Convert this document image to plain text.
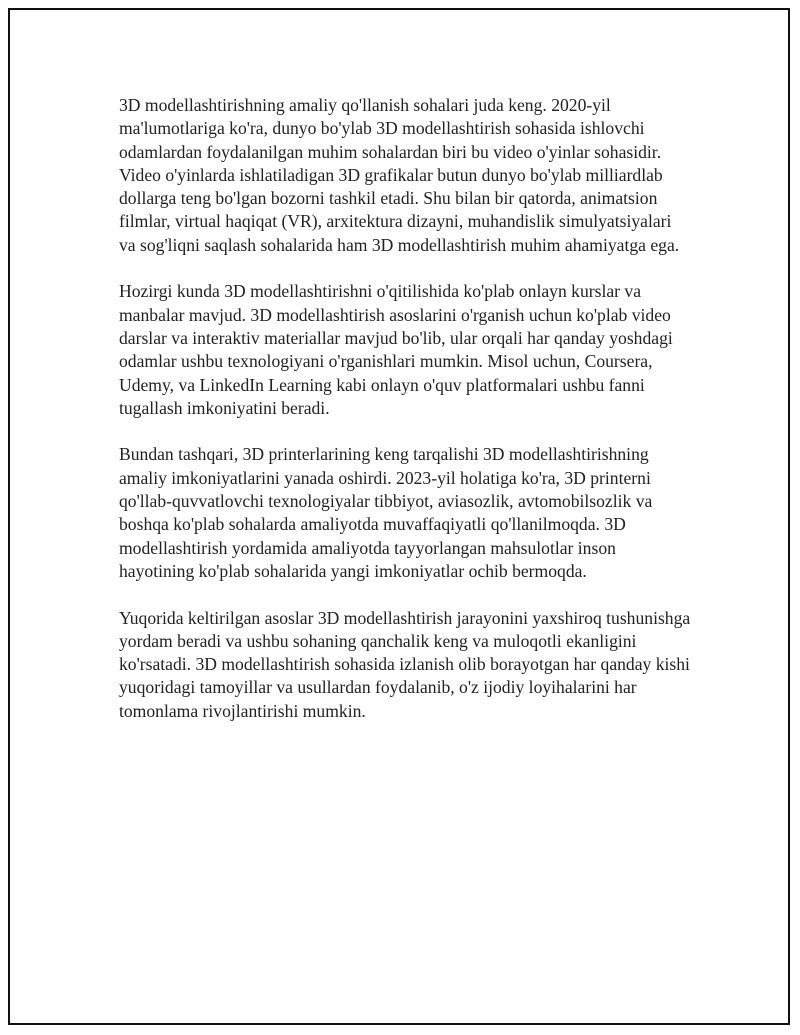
3D modellashtirishning amaliy qo'llanish sohalari juda keng. 2020-yil ma'lumotlariga ko'ra, dunyo bo'ylab 3D modellashtirish sohasida ishlovchi odamlardan foydalanilgan muhim sohalardan biri bu video o'yinlar sohasidir. Video o'yinlarda ishlatiladigan 3D grafikalar butun dunyo bo'ylab milliardlab dollarga teng bo'lgan bozorni tashkil etadi. Shu bilan bir qatorda, animatsion filmlar, virtual haqiqat (VR), arxitektura dizayni, muhandislik simulyatsiyalari va sog'liqni saqlash sohalarida ham 3D modellashtirish muhim ahamiyatga ega.

Hozirgi kunda 3D modellashtirishni o'qitilishida ko'plab onlayn kurslar va manbalar mavjud. 3D modellashtirish asoslarini o'rganish uchun ko'plab video darslar va interaktiv materiallar mavjud bo'lib, ular orqali har qanday yoshdagi odamlar ushbu texnologiyani o'rganishlari mumkin. Misol uchun, Coursera, Udemy, va LinkedIn Learning kabi onlayn o'quv platformalari ushbu fanni tugallash imkoniyatini beradi.

Bundan tashqari, 3D printerlarining keng tarqalishi 3D modellashtirishning amaliy imkoniyatlarini yanada oshirdi. 2023-yil holatiga ko'ra, 3D printerni qo'llab-quvvatlovchi texnologiyalar tibbiyot, aviasozlik, avtomobilsozlik va boshqa ko'plab sohalarda amaliyotda muvaffaqiyatli qo'llanilmoqda. 3D modellashtirish yordamida amaliyotda tayyorlangan mahsulotlar inson hayotining ko'plab sohalarida yangi imkoniyatlar ochib bermoqda.

Yuqorida keltirilgan asoslar 3D modellashtirish jarayonini yaxshiroq tushunishga yordam beradi va ushbu sohaning qanchalik keng va muloqotli ekanligini ko'rsatadi. 3D modellashtirish sohasida izlanish olib borayotgan har qanday kishi yuqoridagi tamoyillar va usullardan foydalanib, o'z ijodiy loyihalarini har tomonlama rivojlantirishi mumkin.
